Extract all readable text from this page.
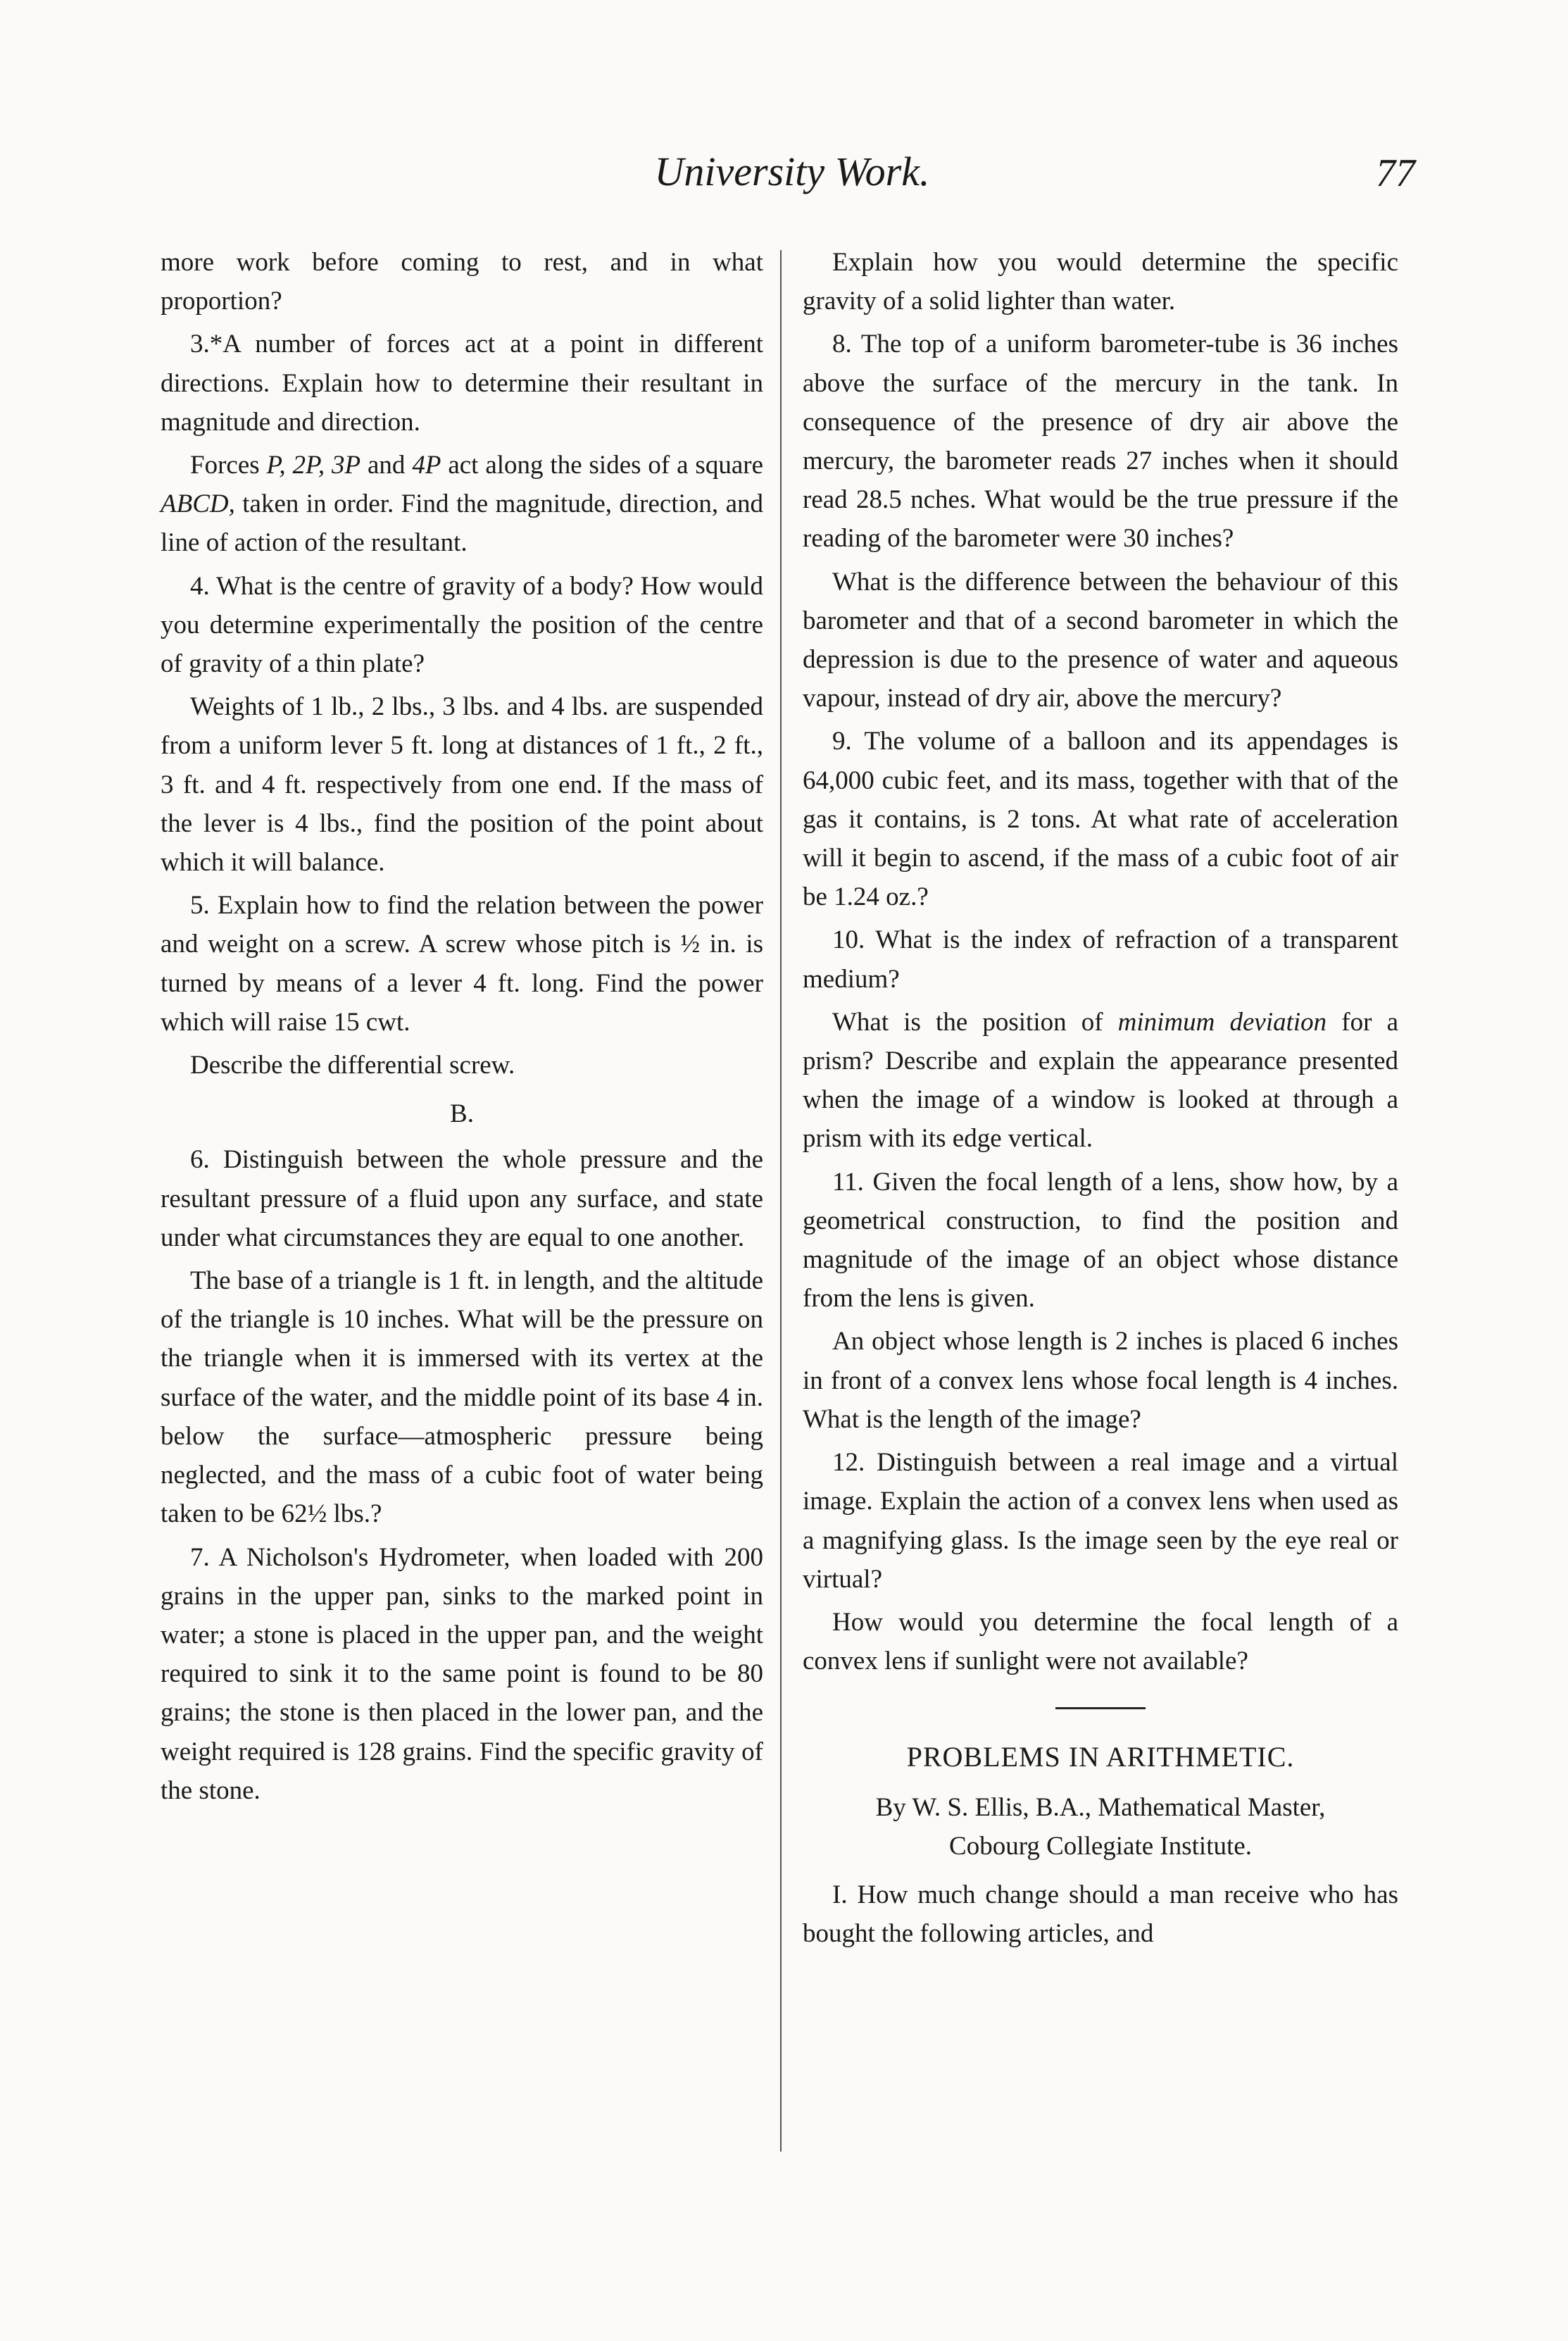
University Work.	77

more work before coming to rest, and in what proportion?

3.*A number of forces act at a point in different directions. Explain how to determine their resultant in magnitude and direction.

Forces P, 2P, 3P and 4P act along the sides of a square ABCD, taken in order. Find the magnitude, direction, and line of action of the resultant.

4. What is the centre of gravity of a body? How would you determine experimentally the position of the centre of gravity of a thin plate?

Weights of 1 lb., 2 lbs., 3 lbs. and 4 lbs. are suspended from a uniform lever 5 ft. long at distances of 1 ft., 2 ft., 3 ft. and 4 ft. respectively from one end. If the mass of the lever is 4 lbs., find the position of the point about which it will balance.

5. Explain how to find the relation between the power and weight on a screw. A screw whose pitch is ½ in. is turned by means of a lever 4 ft. long. Find the power which will raise 15 cwt.

Describe the differential screw.

B.

6. Distinguish between the whole pressure and the resultant pressure of a fluid upon any surface, and state under what circumstances they are equal to one another.

The base of a triangle is 1 ft. in length, and the altitude of the triangle is 10 inches. What will be the pressure on the triangle when it is immersed with its vertex at the surface of the water, and the middle point of its base 4 in. below the surface—atmospheric pressure being neglected, and the mass of a cubic foot of water being taken to be 62½ lbs.?

7. A Nicholson's Hydrometer, when loaded with 200 grains in the upper pan, sinks to the marked point in water; a stone is placed in the upper pan, and the weight required to sink it to the same point is found to be 80 grains; the stone is then placed in the lower pan, and the weight required is 128 grains. Find the specific gravity of the stone.

Explain how you would determine the specific gravity of a solid lighter than water.

8. The top of a uniform barometer-tube is 36 inches above the surface of the mercury in the tank. In consequence of the presence of dry air above the mercury, the barometer reads 27 inches when it should read 28.5 nches. What would be the true pressure if the reading of the barometer were 30 inches?

What is the difference between the behaviour of this barometer and that of a second barometer in which the depression is due to the presence of water and aqueous vapour, instead of dry air, above the mercury?

9. The volume of a balloon and its appendages is 64,000 cubic feet, and its mass, together with that of the gas it contains, is 2 tons. At what rate of acceleration will it begin to ascend, if the mass of a cubic foot of air be 1.24 oz.?

10. What is the index of refraction of a transparent medium?

What is the position of minimum deviation for a prism? Describe and explain the appearance presented when the image of a window is looked at through a prism with its edge vertical.

11. Given the focal length of a lens, show how, by a geometrical construction, to find the position and magnitude of the image of an object whose distance from the lens is given.

An object whose length is 2 inches is placed 6 inches in front of a convex lens whose focal length is 4 inches. What is the length of the image?

12. Distinguish between a real image and a virtual image. Explain the action of a convex lens when used as a magnifying glass. Is the image seen by the eye real or virtual?

How would you determine the focal length of a convex lens if sunlight were not available?

PROBLEMS IN ARITHMETIC.

By W. S. Ellis, B.A., Mathematical Master,
Cobourg Collegiate Institute.

I. How much change should a man receive who has bought the following articles, and
